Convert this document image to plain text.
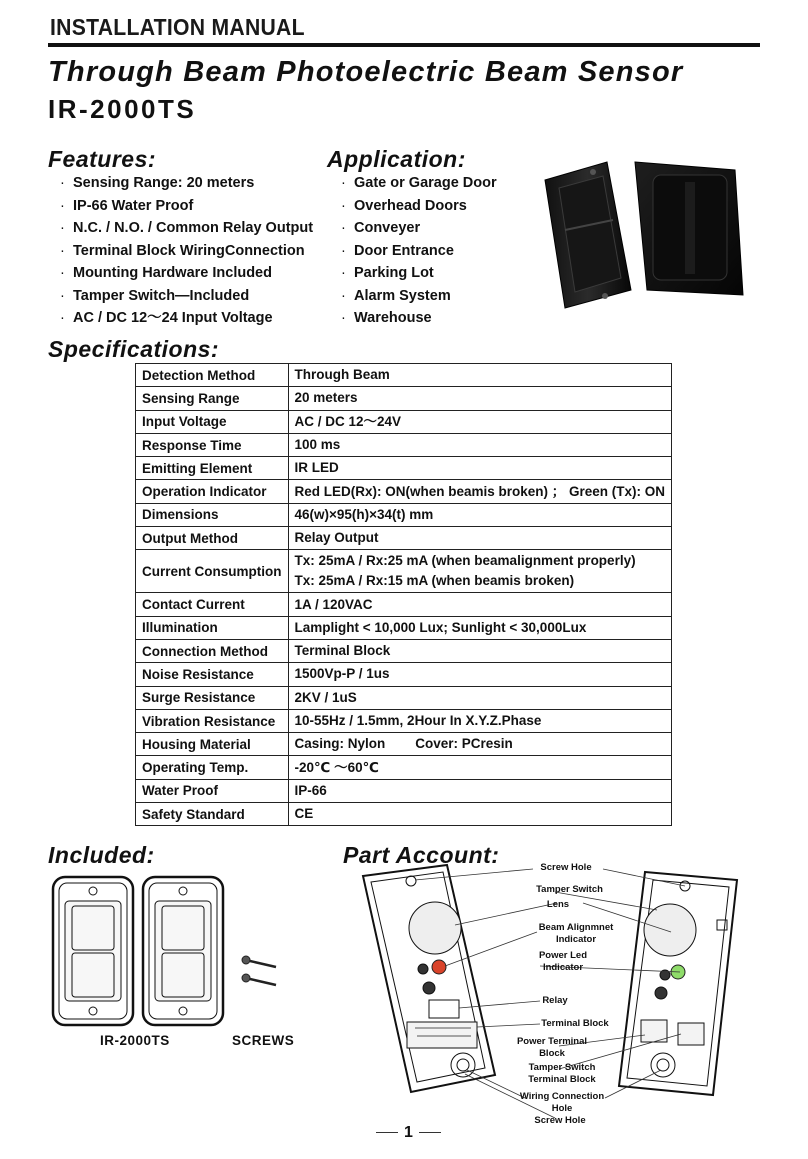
INSTALLATION MANUAL
Through Beam Photoelectric Beam Sensor
IR-2000TS
Features:
· Sensing Range: 20 meters
· IP-66 Water Proof
· N.C. / N.O. / Common Relay Output
· Terminal Block WiringConnection
· Mounting Hardware Included
· Tamper Switch—Included
· AC / DC 12～24 Input Voltage
Application:
· Gate or Garage Door
· Overhead Doors
· Conveyer
· Door Entrance
· Parking Lot
· Alarm System
· Warehouse
Specifications:
Detection Method	Through Beam
Sensing Range	20 meters
Input Voltage	AC / DC 12～24V
Response Time	100 ms
Emitting Element	IR LED
Operation Indicator	Red LED(Rx): ON(when beamis broken) ； Green (Tx): ON
Dimensions	46(w)×95(h)×34(t) mm
Output Method	Relay Output
Current Consumption	Tx: 25mA / Rx:25 mA (when beamalignment properly)
Tx: 25mA / Rx:15 mA (when beamis broken)

Contact Current	1A / 120VAC
Illumination	Lamplight < 10,000 Lux; Sunlight < 30,000Lux
Connection Method	Terminal Block
Noise Resistance	1500Vp-P / 1us
Surge Resistance	2KV / 1uS
Vibration Resistance	10-55Hz / 1.5mm, 2Hour In X.Y.Z.Phase
Housing Material	Casing: Nylon        Cover: PCresin
Operating Temp.	-20℃ ～60℃
Water Proof	IP-66
Safety Standard	CE
Included:
IR-2000TS	SCREWS
Part Account:	Screw Hole
Tamper Switch
Lens
Beam Alignmnet
Indicator
Power Led
Indicator
Relay
Terminal Block
Power Terminal
Block
Tamper Switch
Terminal Block
Wiring Connection
Hole
Screw Hole
1
